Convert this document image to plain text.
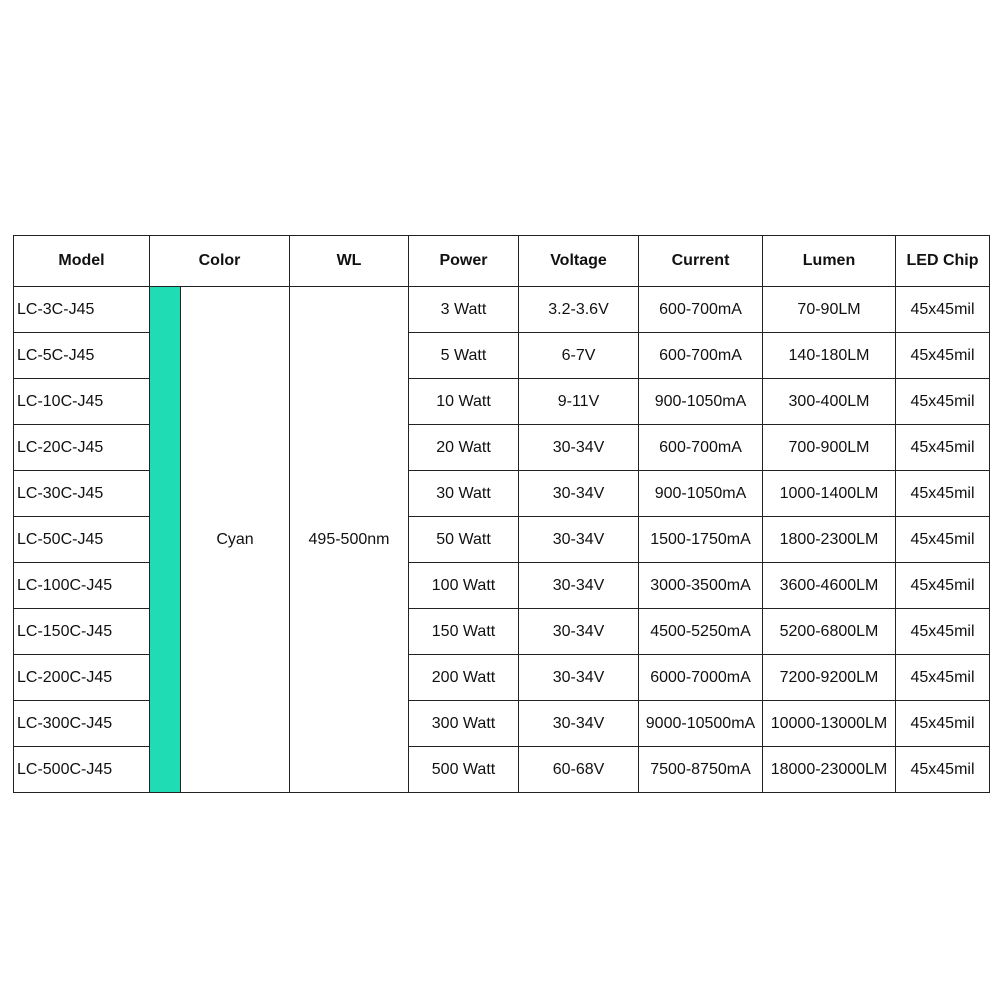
Model	Color		WL	Power	Voltage	Current	Lumen	LED Chip
LC-3C-J45		Cyan	495-500nm	3 Watt	3.2-3.6V	600-700mA	70-90LM	45x45mil
LC-5C-J45				5 Watt	6-7V	600-700mA	140-180LM	45x45mil
LC-10C-J45				10 Watt	9-11V	900-1050mA	300-400LM	45x45mil
LC-20C-J45				20 Watt	30-34V	600-700mA	700-900LM	45x45mil
LC-30C-J45				30 Watt	30-34V	900-1050mA	1000-1400LM	45x45mil
LC-50C-J45				50 Watt	30-34V	1500-1750mA	1800-2300LM	45x45mil
LC-100C-J45				100 Watt	30-34V	3000-3500mA	3600-4600LM	45x45mil
LC-150C-J45				150 Watt	30-34V	4500-5250mA	5200-6800LM	45x45mil
LC-200C-J45				200 Watt	30-34V	6000-7000mA	7200-9200LM	45x45mil
LC-300C-J45				300 Watt	30-34V	9000-10500mA	10000-13000LM	45x45mil
LC-500C-J45				500 Watt	60-68V	7500-8750mA	18000-23000LM	45x45mil
